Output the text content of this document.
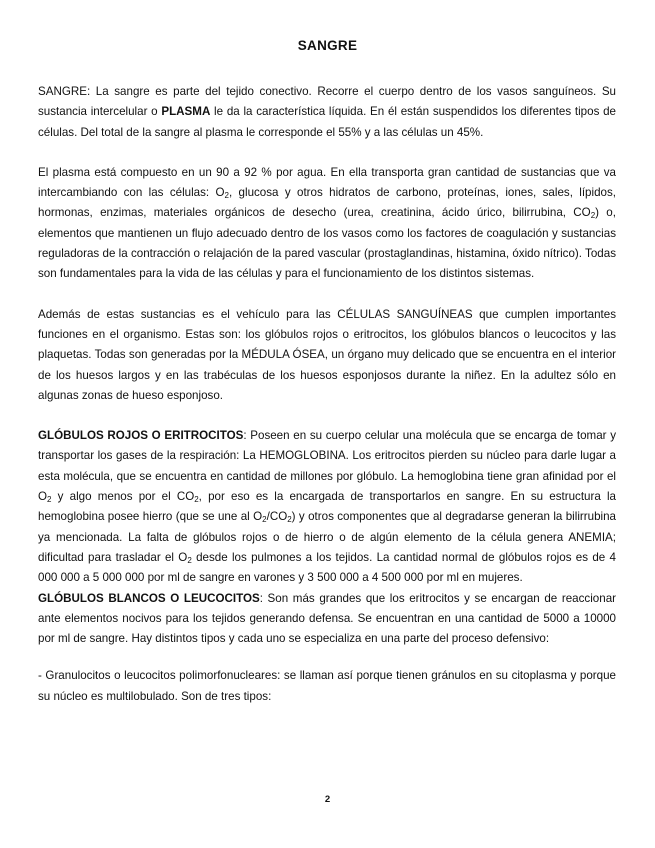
SANGRE

SANGRE: La sangre es parte del tejido conectivo. Recorre el cuerpo dentro de los vasos sanguíneos. Su sustancia intercelular o PLASMA le da la característica líquida. En él están suspendidos los diferentes tipos de células. Del total de la sangre al plasma le corresponde el 55% y a las células un 45%.

El plasma está compuesto en un 90 a 92 % por agua. En ella transporta gran cantidad de sustancias que va intercambiando con las células: $O_2$, glucosa y otros hidratos de carbono, proteínas, iones, sales, lípidos, hormonas, enzimas, materiales orgánicos de desecho (urea, creatinina, ácido úrico, bilirrubina, $CO_2$) o, elementos que mantienen un flujo adecuado dentro de los vasos como los factores de coagulación y sustancias reguladoras de la contracción o relajación de la pared vascular (prostaglandinas, histamina, óxido nítrico). Todas son fundamentales para la vida de las células y para el funcionamiento de los distintos sistemas.

Además de estas sustancias es el vehículo para las CÉLULAS SANGUÍNEAS que cumplen importantes funciones en el organismo. Estas son: los glóbulos rojos o eritrocitos, los glóbulos blancos o leucocitos y las plaquetas. Todas son generadas por la MÉDULA ÓSEA, un órgano muy delicado que se encuentra en el interior de los huesos largos y en las trabéculas de los huesos esponjosos durante la niñez. En la adultez sólo en algunas zonas de hueso esponjoso.

GLÓBULOS ROJOS O ERITROCITOS: Poseen en su cuerpo celular una molécula que se encarga de tomar y transportar los gases de la respiración: La HEMOGLOBINA. Los eritrocitos pierden su núcleo para darle lugar a esta molécula, que se encuentra en cantidad de millones por glóbulo. La hemoglobina tiene gran afinidad por el $O_2$ y algo menos por el $CO_2$, por eso es la encargada de transportarlos en sangre. En su estructura la hemoglobina posee hierro (que se une al $O_2/CO_2$) y otros componentes que al degradarse generan la bilirrubina ya mencionada. La falta de glóbulos rojos o de hierro o de algún elemento de la célula genera ANEMIA; dificultad para trasladar el $O_2$ desde los pulmones a los tejidos. La cantidad normal de glóbulos rojos es de 4 000 000 a 5 000 000 por ml de sangre en varones y 3 500 000 a 4 500 000 por ml en mujeres.

GLÓBULOS BLANCOS O LEUCOCITOS: Son más grandes que los eritrocitos y se encargan de reaccionar ante elementos nocivos para los tejidos generando defensa. Se encuentran en una cantidad de 5000 a 10000 por ml de sangre. Hay distintos tipos y cada uno se especializa en una parte del proceso defensivo:

- Granulocitos o leucocitos polimorfonucleares: se llaman así porque tienen gránulos en su citoplasma y porque su núcleo es multilobulado. Son de tres tipos:

2
